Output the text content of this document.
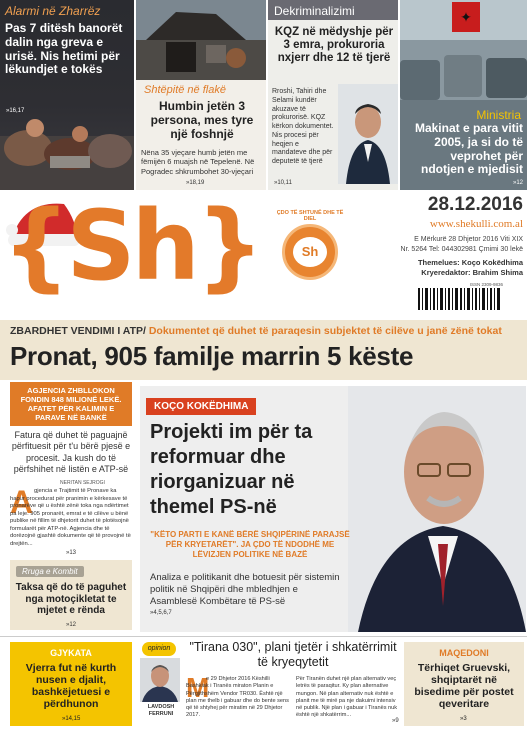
Alarmi në Zharrëz
Pas 7 ditësh banorët dalin nga greva e urisë. Nis hetimi për lëkundjet e tokës
»16,17
Shtëpitë në flakë
Humbin jetën 3 persona, mes tyre një foshnjë
Nëna 35 vjeçare humb jetën me fëmijën 6 muajsh në Tepelenë. Në Pogradec shkrumbohet 30-vjeçari
»18,19
Dekriminalizimi
KQZ në mëdyshje për 3 emra, prokuroria nxjerr dhe 12 të tjerë
Rroshi, Tahiri dhe Selami kundër akuzave të prokurorisë. KQZ kërkon dokumentet. Nis procesi për heqjen e mandateve dhe për deputetë të tjerë
»10,11
✦
Ministria
Makinat e para vitit 2005, ja si do të veprohet për ndotjen e mjedisit
»12
{Sh}	Sh
ÇDO TË SHTUNË DHE TË DIEL
28.12.2016
www.shekulli.com.al
E Mërkurë 28 Dhjetor 2016 Viti XIX
Nr. 5264 Tel: 044302981 Çmimi 30 lekë
Themelues: Koço Kokëdhima
Kryeredaktor: Brahim Shima
ISSN 2309-9836
ZBARDHET VENDIMI I ATP/ Dokumentet që duhet të paraqesin subjektet të cilëve u janë zënë tokat
Pronat, 905 familje marrin 5 këste
AGJENCIA ZHBLLOKON FONDIN 848 MILIONË LEKË. AFATET PËR KALIMIN E PARAVE NË BANKË
Fatura që duhet të paguajnë përfituesit për t'u bërë pjesë e procesit. Ja kush do të përfshihet në listën e ATP-së
NERITAN SEJROGI
A gjencia e Trajtimit të Pronave ka hapur procedurat për pranimin e kërkesave të pronarëve që u është zënë toka nga ndërtimet pa leje. 905 pronarët, emrat e të cilëve u bënë publike në fillim të dhjetorit duhet të plotësojnë formularët për ATP-në. Agjencia dhe të dorëzojnë gjashtë dokumente që të provojnë të drejtën...
»13
Rruga e Kombit
Taksa që do të paguhet nga motoçikletat te mjetet e rënda
»12
KOÇO KOKËDHIMA
Projekti im për ta reformuar dhe riorganizuar në themel PS-në
"KËTO PARTI E KANË BËRË SHQIPËRINË PARAJSË PËR KRYETARËT". JA ÇDO TË NDODHË ME LËVIZJEN POLITIKE NË BAZË
Analiza e politikanit dhe botuesit për sistemin politik në Shqipëri dhe mbledhjen e Asamblesë Kombëtare të PS-së
»4,5,6,7
GJYKATA
Vjerra fut në kurth nusen e djalit, bashkëjetuesi e përdhunon
»14,15
opinion
LAVDOSH FERRUNI
"Tirana 030", plani tjetër i shkatërrimit të kryeqytetit
M
e 29 Dhjetor 2016 Këshilli Bashkiak i Tiranës miraton Planin e Përgjithshëm Vendor TR030. Është një plan me thelb i gabuar dhe do bente sens që të shtyhej për miratim në 29 Dhjetor 2017.
Për Tiranën duhet një plan alternativ veç letrës të paraqitur. Ky plan alternative mungon. Në plan alternativ nuk është e planit me të mirë pa nje dakuimi intensiv në publik. Një plan i gabuar i Tiranës nuk është një shkatërrim...
»9
MAQEDONI
Tërhiqet Gruevski, shqiptarët në bisedime për postet qeveritare
»3
